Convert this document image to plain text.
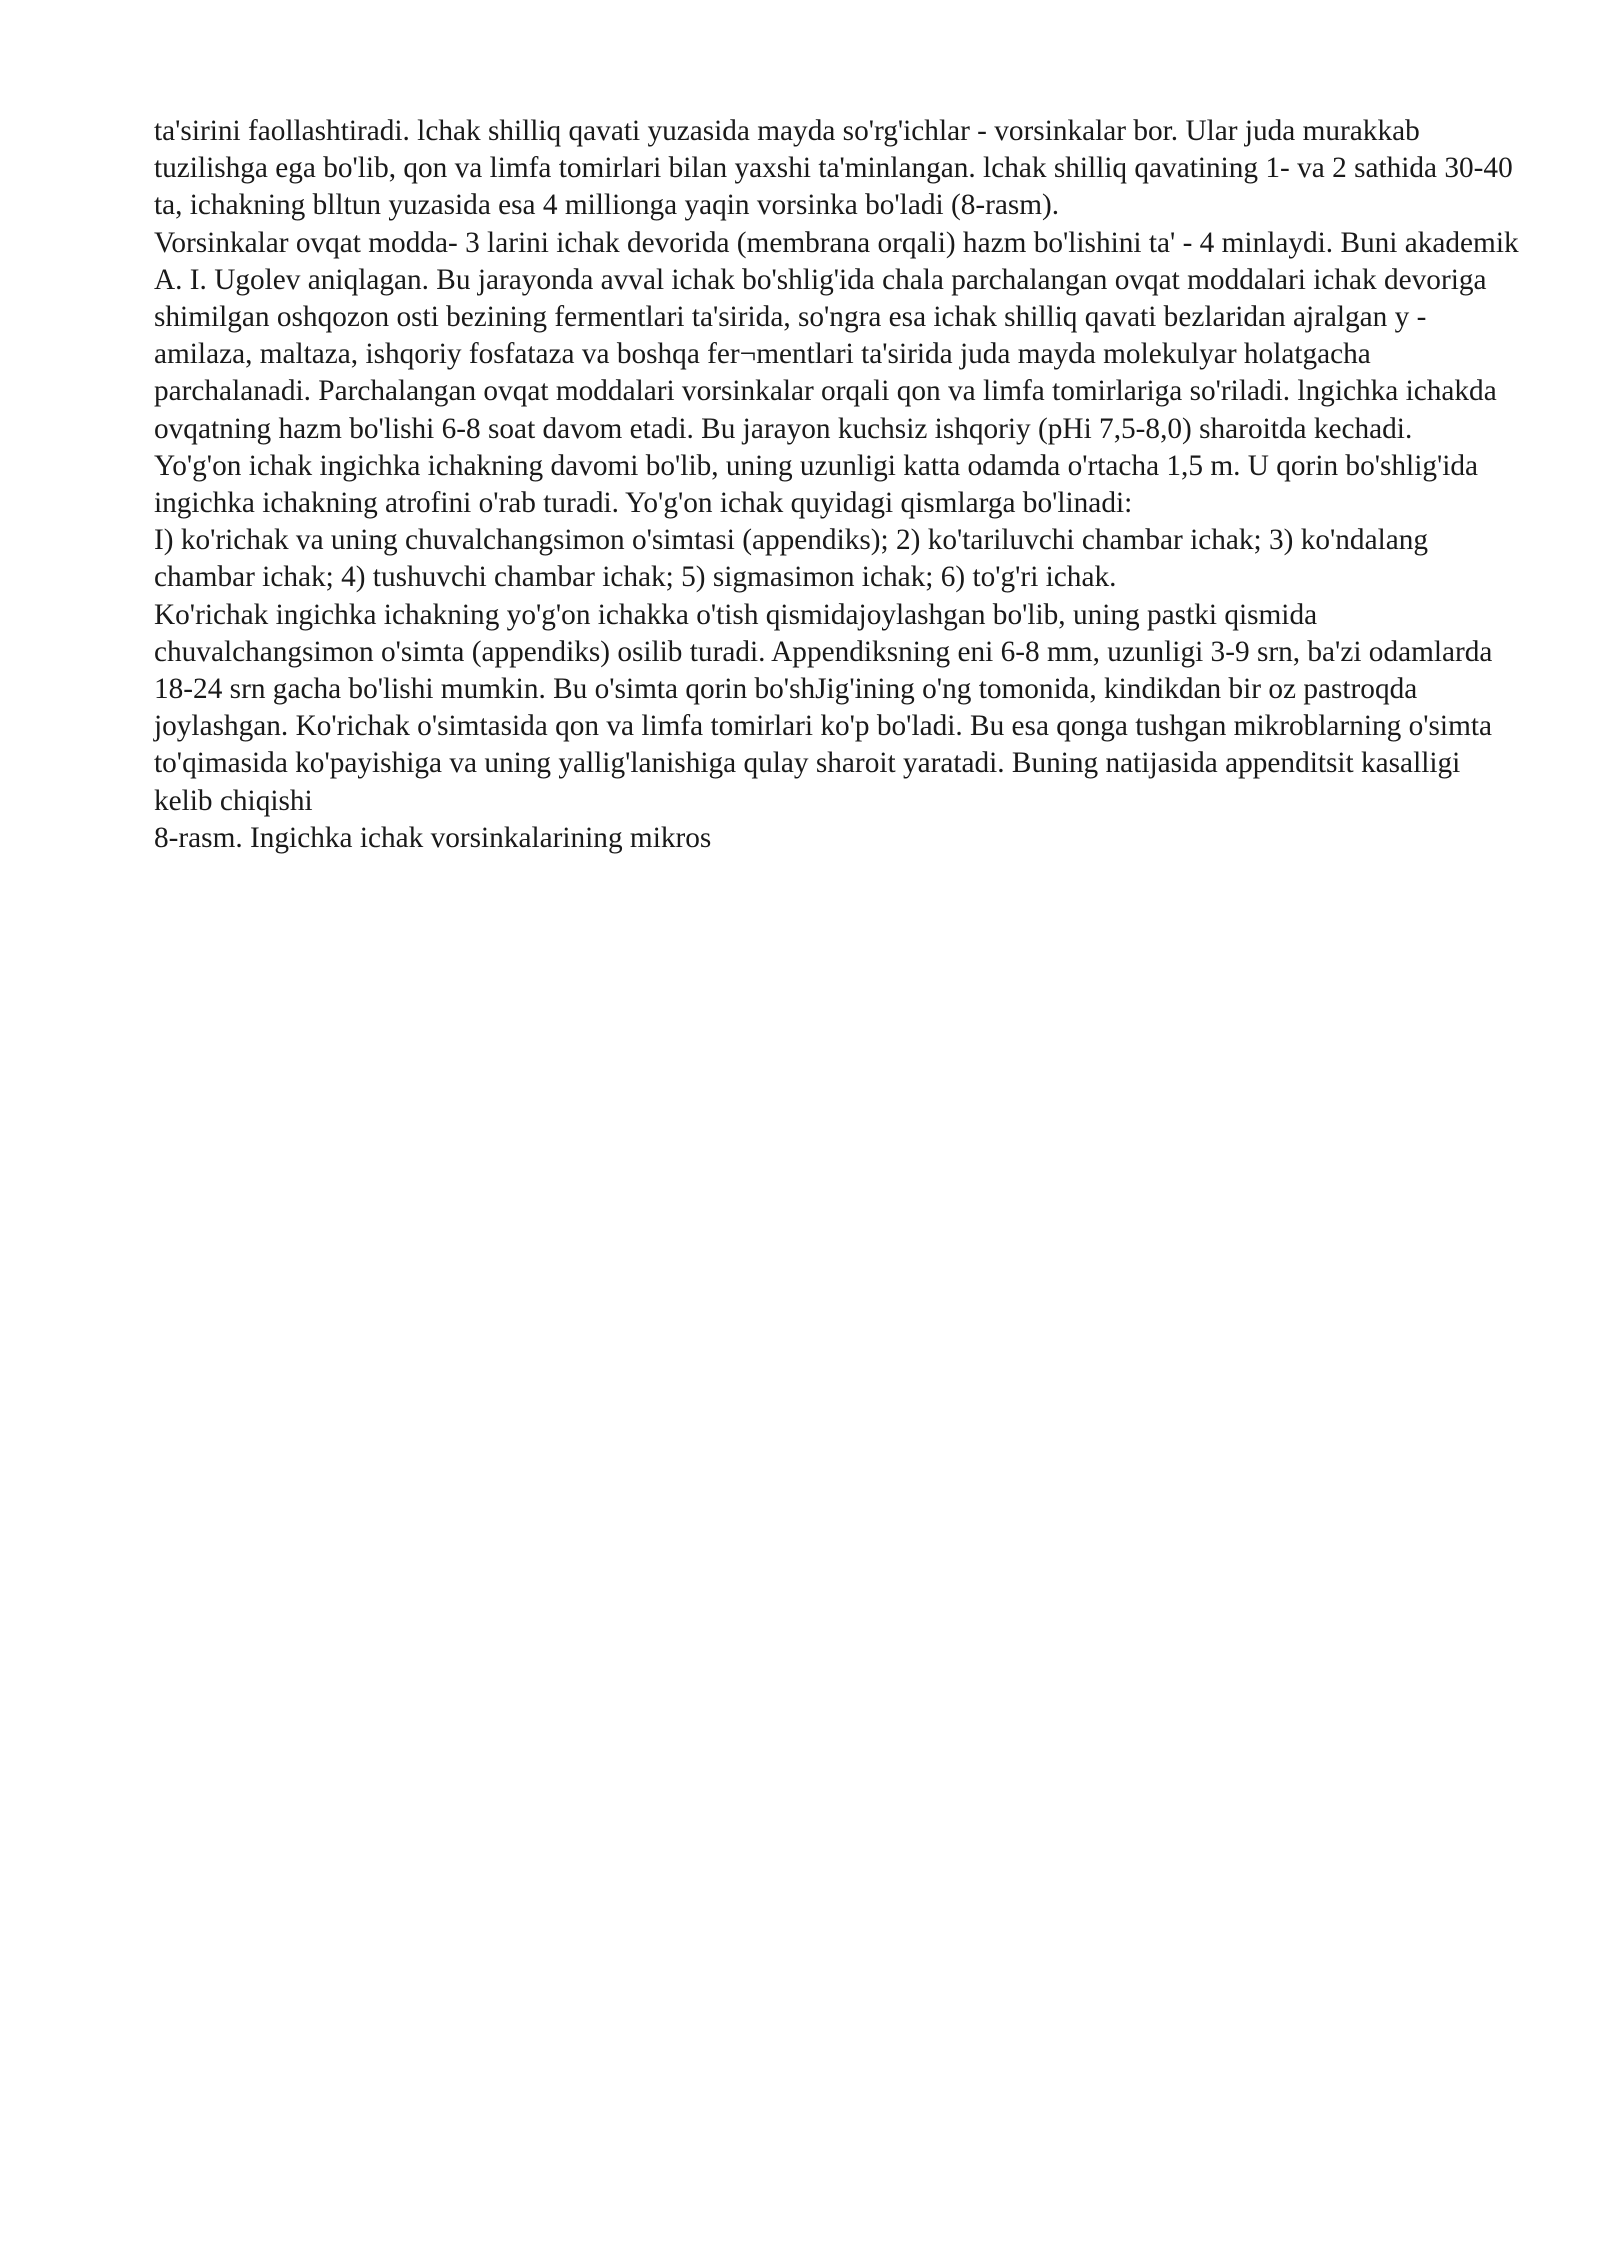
ta'sirini faollashtiradi. lchak shilliq qavati yuzasida mayda so'rg'ichlar - vorsinkalar bor. Ular juda murakkab tuzilishga ega bo'lib, qon va limfa tomirlari bilan yaxshi ta'minlangan. lchak shilliq qavatining 1- va 2 sathida 30-40 ta, ichakning blltun yuzasida esa 4 millionga yaqin vorsinka bo'ladi (8-rasm).

Vorsinkalar ovqat modda- 3 larini ichak devorida (membrana orqali) hazm bo'lishini ta' - 4 minlaydi. Buni akademik A. I. Ugolev aniqlagan. Bu jarayonda avval ichak bo'shlig'ida chala parchalangan ovqat moddalari ichak devoriga shimilgan oshqozon osti bezining fermentlari ta'sirida, so'ngra esa ichak shilliq qavati bezlaridan ajralgan y - amilaza, maltaza, ishqoriy fosfataza va boshqa fer¬mentlari ta'sirida juda mayda molekulyar holatgacha parchalanadi. Parchalangan ovqat moddalari vorsinkalar orqali qon va limfa tomirlariga so'riladi. lngichka ichakda ovqatning hazm bo'lishi 6-8 soat davom etadi. Bu jarayon kuchsiz ishqoriy (pHi 7,5-8,0) sharoitda kechadi.

Yo'g'on ichak ingichka ichakning davomi bo'lib, uning uzunligi katta odamda o'rtacha 1,5 m. U qorin bo'shlig'ida ingichka ichakning atrofini o'rab turadi. Yo'g'on ichak quyidagi qismlarga bo'linadi:

I) ko'richak va uning chuvalchangsimon o'simtasi (appendiks); 2) ko'tariluvchi chambar ichak; 3) ko'ndalang chambar ichak; 4) tushuvchi chambar ichak; 5) sigmasimon ichak; 6) to'g'ri ichak.

Ko'richak ingichka ichakning yo'g'on ichakka o'tish qismidajoylashgan bo'lib, uning pastki qismida chuvalchangsimon o'simta (appendiks) osilib turadi. Appendiksning eni 6-8 mm, uzunligi 3-9 srn, ba'zi odamlarda 18-24 srn gacha bo'lishi mumkin. Bu o'simta qorin bo'shJig'ining o'ng tomonida, kindikdan bir oz pastroqda joylashgan. Ko'richak o'simtasida qon va limfa tomirlari ko'p bo'ladi. Bu esa qonga tushgan mikroblarning o'simta to'qimasida ko'payishiga va uning yallig'lanishiga qulay sharoit yaratadi. Buning natijasida appenditsit kasalligi kelib chiqishi

8-rasm. Ingichka ichak vorsinkalarining mikros
